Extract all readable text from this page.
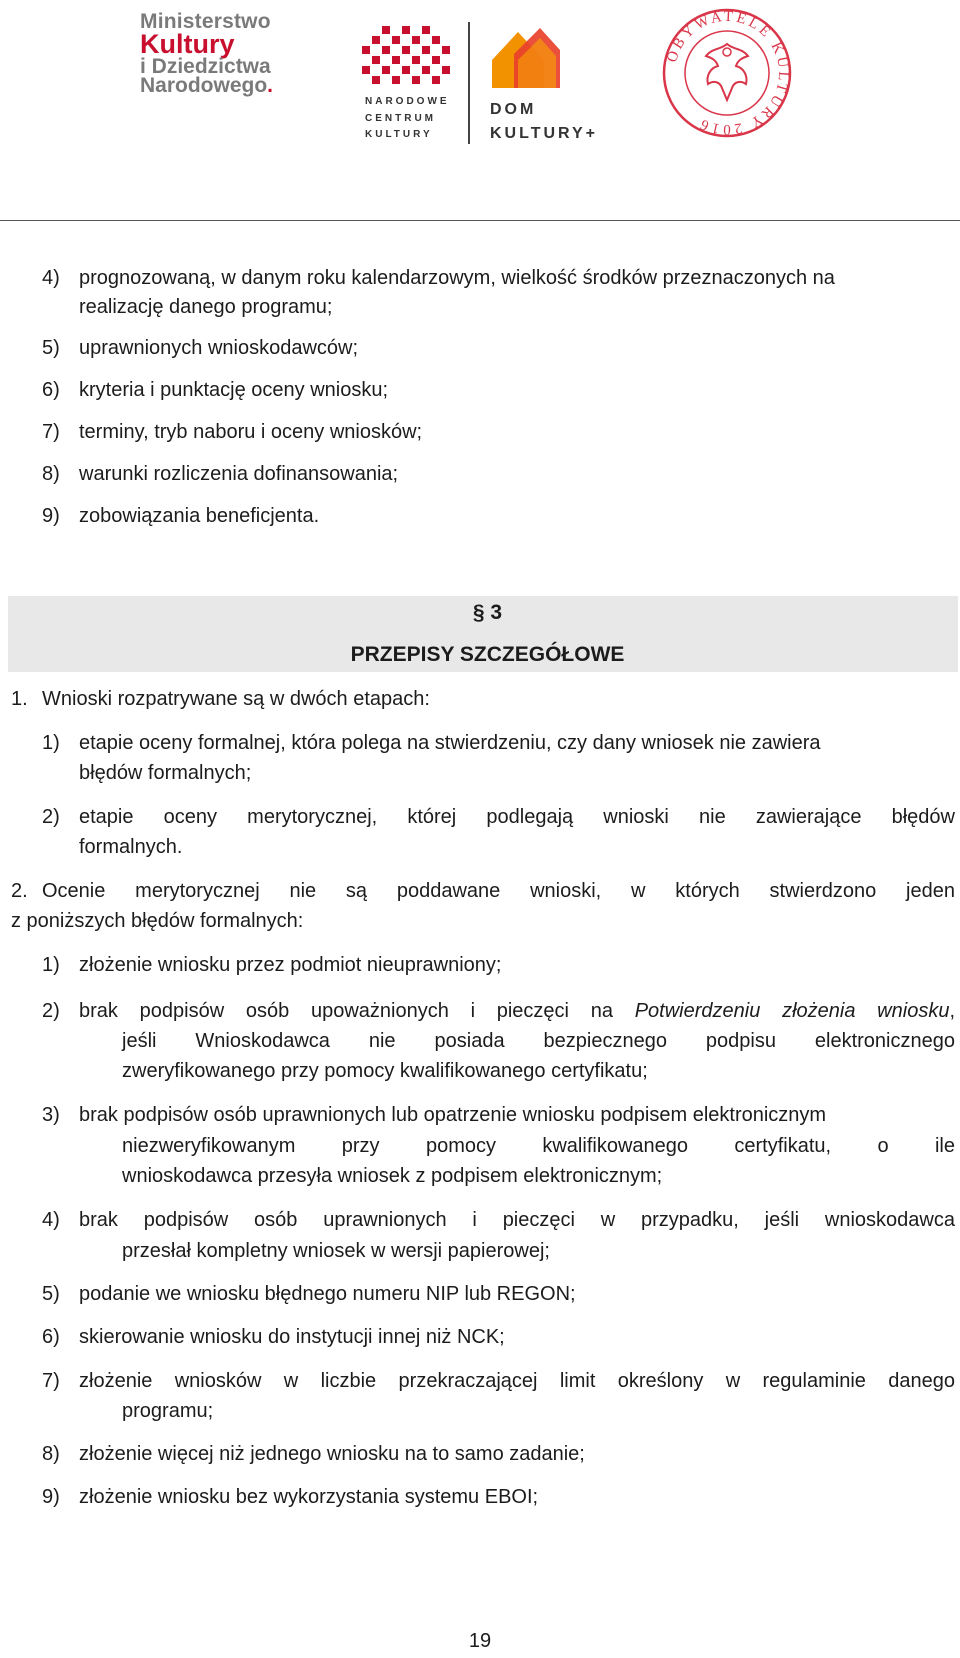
Ministerstwo
Kultury
i Dziedzictwa
Narodowego.
NARODOWE
CENTRUM
KULTURY
DOM
KULTURY+
OBYWATELE KULTURY 2016
4) prognozowaną, w danym roku kalendarzowym, wielkość środków przeznaczonych na
realizację danego programu;
5) uprawnionych wnioskodawców;
6) kryteria i punktację oceny wniosku;
7) terminy, tryb naboru i oceny wniosków;
8) warunki rozliczenia dofinansowania;
9) zobowiązania beneficjenta.
§ 3
PRZEPISY SZCZEGÓŁOWE
1. Wnioski rozpatrywane są w dwóch etapach:
1) etapie oceny formalnej, która polega na stwierdzeniu, czy dany wniosek nie zawiera
błędów formalnych;
2) etapie oceny merytorycznej, której podlegają wnioski nie zawierające błędów
formalnych.
2. Ocenie merytorycznej nie są poddawane wnioski, w których stwierdzono jeden
z poniższych błędów formalnych:
1) złożenie wniosku przez podmiot nieuprawniony;
2) brak podpisów osób upoważnionych i pieczęci na Potwierdzeniu złożenia wniosku,
jeśli Wnioskodawca nie posiada bezpiecznego podpisu elektronicznego
zweryfikowanego przy pomocy kwalifikowanego certyfikatu;
3) brak podpisów osób uprawnionych lub opatrzenie wniosku podpisem elektronicznym
niezweryfikowanym przy pomocy kwalifikowanego certyfikatu, o ile
wnioskodawca przesyła wniosek z podpisem elektronicznym;
4) brak podpisów osób uprawnionych i pieczęci w przypadku, jeśli wnioskodawca
przesłał kompletny wniosek w wersji papierowej;
5) podanie we wniosku błędnego numeru NIP lub REGON;
6) skierowanie wniosku do instytucji innej niż NCK;
7) złożenie wniosków w liczbie przekraczającej limit określony w regulaminie danego
programu;
8) złożenie więcej niż jednego wniosku na to samo zadanie;
9) złożenie wniosku bez wykorzystania systemu EBOI;
19
